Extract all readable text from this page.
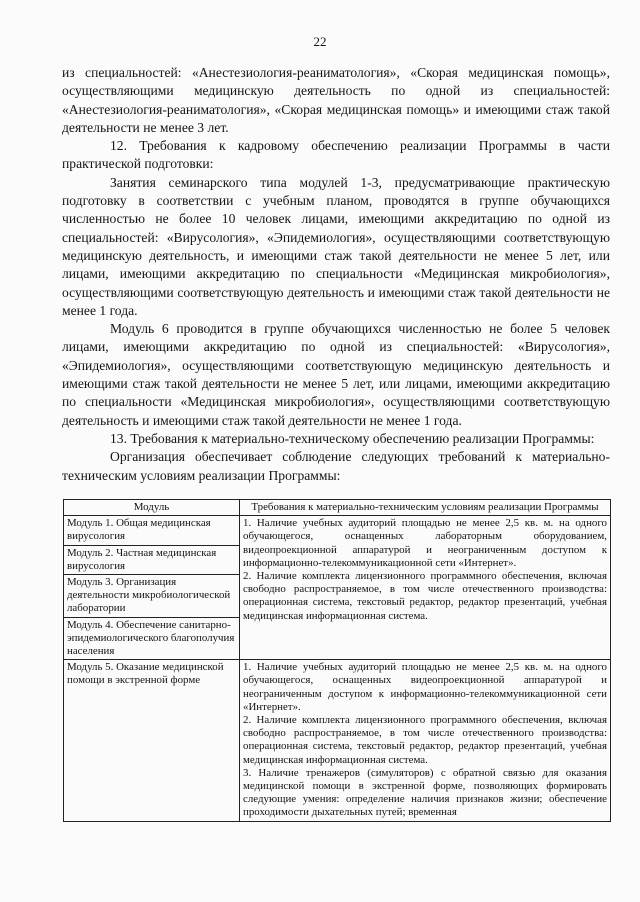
22

из специальностей: «Анестезиология-реаниматология», «Скорая медицинская помощь», осуществляющими медицинскую деятельность по одной из специальностей: «Анестезиология-реаниматология», «Скорая медицинская помощь» и имеющими стаж такой деятельности не менее 3 лет.

12. Требования к кадровому обеспечению реализации Программы в части практической подготовки:

Занятия семинарского типа модулей 1-3, предусматривающие практическую подготовку в соответствии с учебным планом, проводятся в группе обучающихся численностью не более 10 человек лицами, имеющими аккредитацию по одной из специальностей: «Вирусология», «Эпидемиология», осуществляющими соответствующую медицинскую деятельность, и имеющими стаж такой деятельности не менее 5 лет, или лицами, имеющими аккредитацию по специальности «Медицинская микробиология», осуществляющими соответствующую деятельность и имеющими стаж такой деятельности не менее 1 года.

Модуль 6 проводится в группе обучающихся численностью не более 5 человек лицами, имеющими аккредитацию по одной из специальностей: «Вирусология», «Эпидемиология», осуществляющими соответствующую медицинскую деятельность и имеющими стаж такой деятельности не менее 5 лет, или лицами, имеющими аккредитацию по специальности «Медицинская микробиология», осуществляющими соответствующую деятельность и имеющими стаж такой деятельности не менее 1 года.

13. Требования к материально-техническому обеспечению реализации Программы:

Организация обеспечивает соблюдение следующих требований к материально-техническим условиям реализации Программы:

Модуль	Требования к материально-техническим условиям реализации Программы
Модуль 1. Общая медицинская вирусология	1. Наличие учебных аудиторий площадью не менее 2,5 кв. м. на одного обучающегося, оснащенных лабораторным оборудованием, видеопроекционной аппаратурой и неограниченным доступом к информационно-телекоммуникационной сети «Интернет».
2. Наличие комплекта лицензионного программного обеспечения, включая свободно распространяемое, в том числе отечественного производства: операционная система, текстовый редактор, редактор презентаций, учебная медицинская информационная система.

Модуль 2. Частная медицинская вирусология	
Модуль 3. Организация деятельности микробиологической лаборатории	
Модуль 4. Обеспечение санитарно-эпидемиологического благополучия населения	
Модуль 5. Оказание медицинской помощи в экстренной форме	1. Наличие учебных аудиторий площадью не менее 2,5 кв. м. на одного обучающегося, оснащенных видеопроекционной аппаратурой и неограниченным доступом к информационно-телекоммуникационной сети «Интернет».
2. Наличие комплекта лицензионного программного обеспечения, включая свободно распространяемое, в том числе отечественного производства: операционная система, текстовый редактор, редактор презентаций, учебная медицинская информационная система.
3. Наличие тренажеров (симуляторов) с обратной связью для оказания медицинской помощи в экстренной форме, позволяющих формировать следующие умения: определение наличия признаков жизни; обеспечение проходимости дыхательных путей; временная
